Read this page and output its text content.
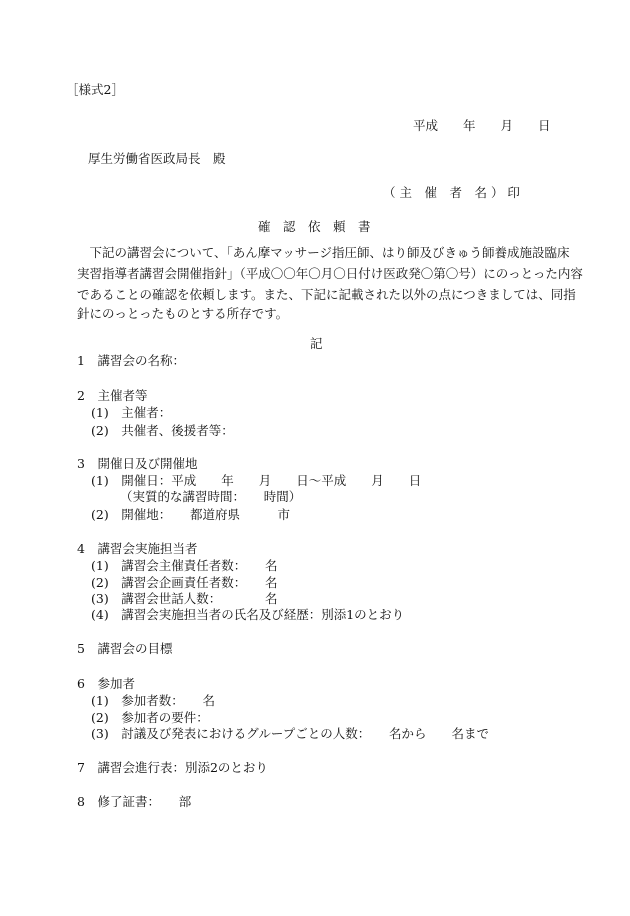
［様式2］
平成　　年　　月　　日
厚生労働省医政局長　殿
（ 主　催　者　名 ） 印
確　認　依　頼　書
　下記の講習会について、「あん摩マッサージ指圧師、はり師及びきゅう師養成施設臨床
実習指導者講習会開催指針」（平成〇〇年〇月〇日付け医政発〇第〇号）にのっとった内容
であることの確認を依頼します。また、下記に記載された以外の点につきましては、同指
針にのっとったものとする所存です。
記
1　講習会の名称：
2　主催者等
(1)　主催者：
(2)　共催者、後援者等：
3　開催日及び開催地
(1)　開催日：平成　　年　　月　　日～平成　　月　　日
（実質的な講習時間：　　時間）
(2)　開催地：　　都道府県　　　市
4　講習会実施担当者
(1)　講習会主催責任者数：　　名
(2)　講習会企画責任者数：　　名
(3)　講習会世話人数：　　　　名
(4)　講習会実施担当者の氏名及び経歴：別添1のとおり
5　講習会の目標
6　参加者
(1)　参加者数：　　名
(2)　参加者の要件：
(3)　討議及び発表におけるグループごとの人数：　　名から　　名まで
7　講習会進行表：別添2のとおり
8　修了証書：　　部
